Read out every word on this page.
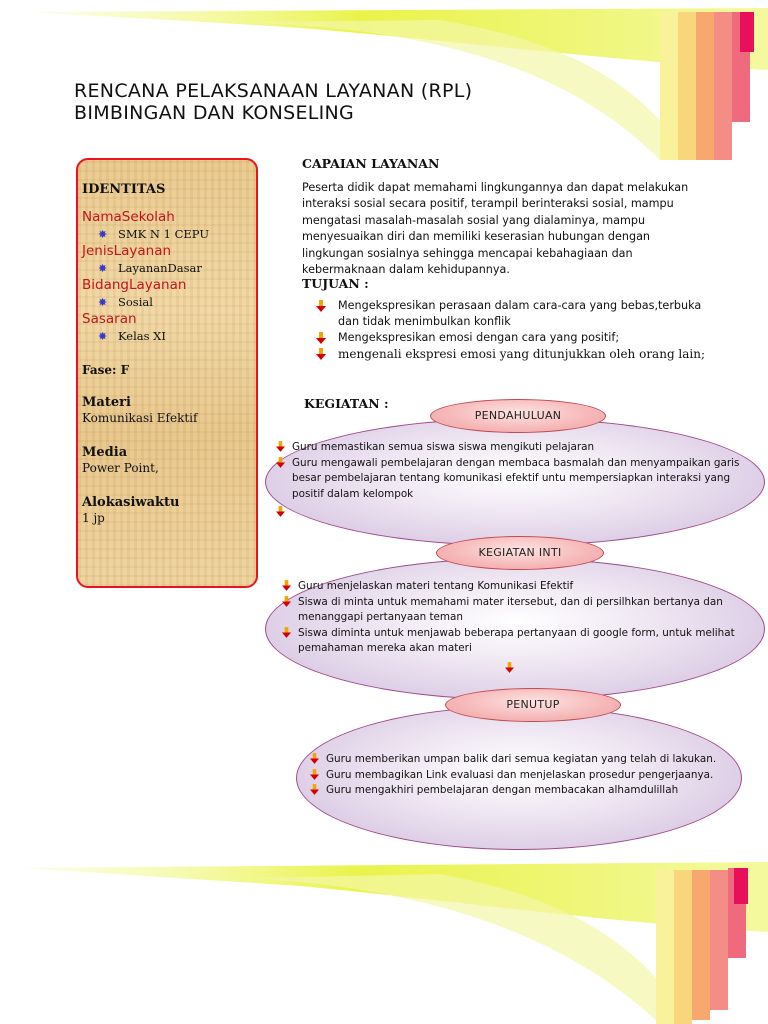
RENCANA PELAKSANAAN LAYANAN (RPL)
BIMBINGAN DAN KONSELING

IDENTITAS

NamaSekolah

✸ SMK N 1 CEPU

JenisLayanan

✸ LayananDasar

BidangLayanan

✸ Sosial

Sasaran

✸ Kelas XI

Fase: F

Materi

Komunikasi Efektif

Media

Power Point,

Alokasiwaktu

1 jp

CAPAIAN LAYANAN

Peserta didik dapat memahami lingkungannya dan dapat melakukan interaksi sosial secara positif, terampil berinteraksi sosial, mampu mengatasi masalah-masalah sosial yang dialaminya, mampu menyesuaikan diri dan memiliki keserasian hubungan dengan lingkungan sosialnya sehingga mencapai kebahagiaan dan kebermaknaan dalam kehidupannya.

TUJUAN :

Mengekspresikan perasaan dalam cara-cara yang bebas,terbuka dan tidak menimbulkan konflik
Mengekspresikan emosi dengan cara yang positif;
mengenali ekspresi emosi yang ditunjukkan oleh orang lain;

KEGIATAN :

PENDAHULUAN
Guru memastikan semua siswa siswa mengikuti pelajaran
Guru mengawali pembelajaran dengan membaca basmalah dan menyampaikan garis besar pembelajaran tentang komunikasi efektif untu mempersiapkan interaksi yang positif dalam kelompok
KEGIATAN INTI
Guru menjelaskan materi tentang Komunikasi Efektif
Siswa di minta untuk memahami mater itersebut, dan di persilhkan bertanya dan menanggapi pertanyaan teman
Siswa diminta untuk menjawab beberapa pertanyaan di google form, untuk melihat pemahaman mereka akan materi
PENUTUP
Guru memberikan umpan balik dari semua kegiatan yang telah di lakukan.
Guru membagikan Link evaluasi dan menjelaskan prosedur pengerjaanya.
Guru mengakhiri pembelajaran dengan membacakan alhamdulillah
